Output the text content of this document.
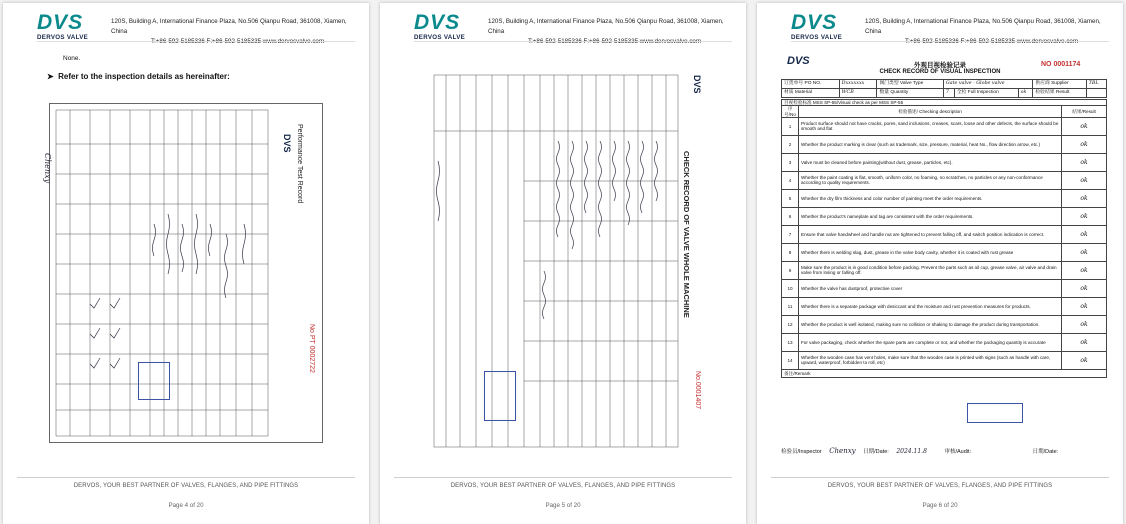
DVS
DERVOS VALVE
120S, Building A, International Finance Plaza, No.506 Qianpu Road, 361008, Xiamen, China
T:+86-592-5185336 F:+86-592-5185335 www.dervosvalve.com
None.
➤  Refer to the inspection details as hereinafter:
DVS Performance Test Record
No PT 0002722
Chenxy
DERVOS, YOUR BEST PARTNER OF VALVES, FLANGES, AND PIPE FITTINGS
Page 4 of 20
DVS
DERVOS VALVE
120S, Building A, International Finance Plaza, No.506 Qianpu Road, 361008, Xiamen, China
T:+86-592-5185336 F:+86-592-5185335 www.dervosvalve.com
DVS
CHECK RECORD OF VALVE WHOLE MACHINE
No.0001407
DERVOS, YOUR BEST PARTNER OF VALVES, FLANGES, AND PIPE FITTINGS
Page 5 of 20
DVS
DERVOS VALVE
120S, Building A, International Finance Plaza, No.506 Qianpu Road, 361008, Xiamen, China
T:+86-592-5185336 F:+86-592-5185335 www.dervosvalve.com
DVS	外观目视检验记录
CHECK RECORD OF VISUAL INSPECTION
NO 0001174
订货单号 PO NO.	Dxxxxxxx	阀门类型 Valve Type	Gate valve - Globe valve			供应商 Supplier	TBL
材质 Material	WCB	数量 Quantity	7	全检 Full Inspection	ok	检验结果 Result	
目视检验标准 MSS SP-55/Visual check as per MSS SP-55		
序号/No	检验描述/ Checking description	结果/Result
1	Product surface should not have cracks, pores, sand inclusions, creases, scars, loose and other defects, the surface should be smooth and flat	ok
2	Whether the product marking is clear (such as trademark, size, pressure, material, heat No., flow direction arrow, etc.)	ok
3	Valve must be cleaned before painting(without dust, grease, particles, etc).	ok
4	Whether the paint coating is flat, smooth, uniform color, no foaming, no scratches, no particles or any non-conformance according to quality requirements.	ok
5	Whether the dry film thickness and color number of painting meet the order requirements.	ok
6	Whether the product's nameplate and tag are consistent with the order requirements.	ok
7	Ensure that valve handwheel and handle nut are tightened to prevent falling off, and switch position indication is correct.	ok
8	Whether there is welding slag, dust, grease in the valve body cavity, whether it is coated with rust grease	ok
9	Make sure the product is in good condition before packing. Prevent the parts such as oil cup, grease valve, air valve and drain valve from losing or falling off.	ok
10	Whether the valve has dustproof, protective cover	ok
11	Whether there is a separate package with desiccant and the moisture and rust prevention measures for products.	ok
12	Whether the product is well isolated, making sure no collision or shaking to damage the product during transportation.	ok
13	For valve packaging, check whether the spare parts are complete or not, and whether the packaging quantity is accurate	ok
14	Whether the wooden case has vent holes, make sure that the wooden case is printed with signs (such as handle with care, upward, waterproof, forbidden to roll, etc)	ok
备注/Remark		
检验员/Inspector Chenxy 日期/Date: 2024.11.8	审核/Audit:	日期/Date:
DERVOS, YOUR BEST PARTNER OF VALVES, FLANGES, AND PIPE FITTINGS
Page 6 of 20
